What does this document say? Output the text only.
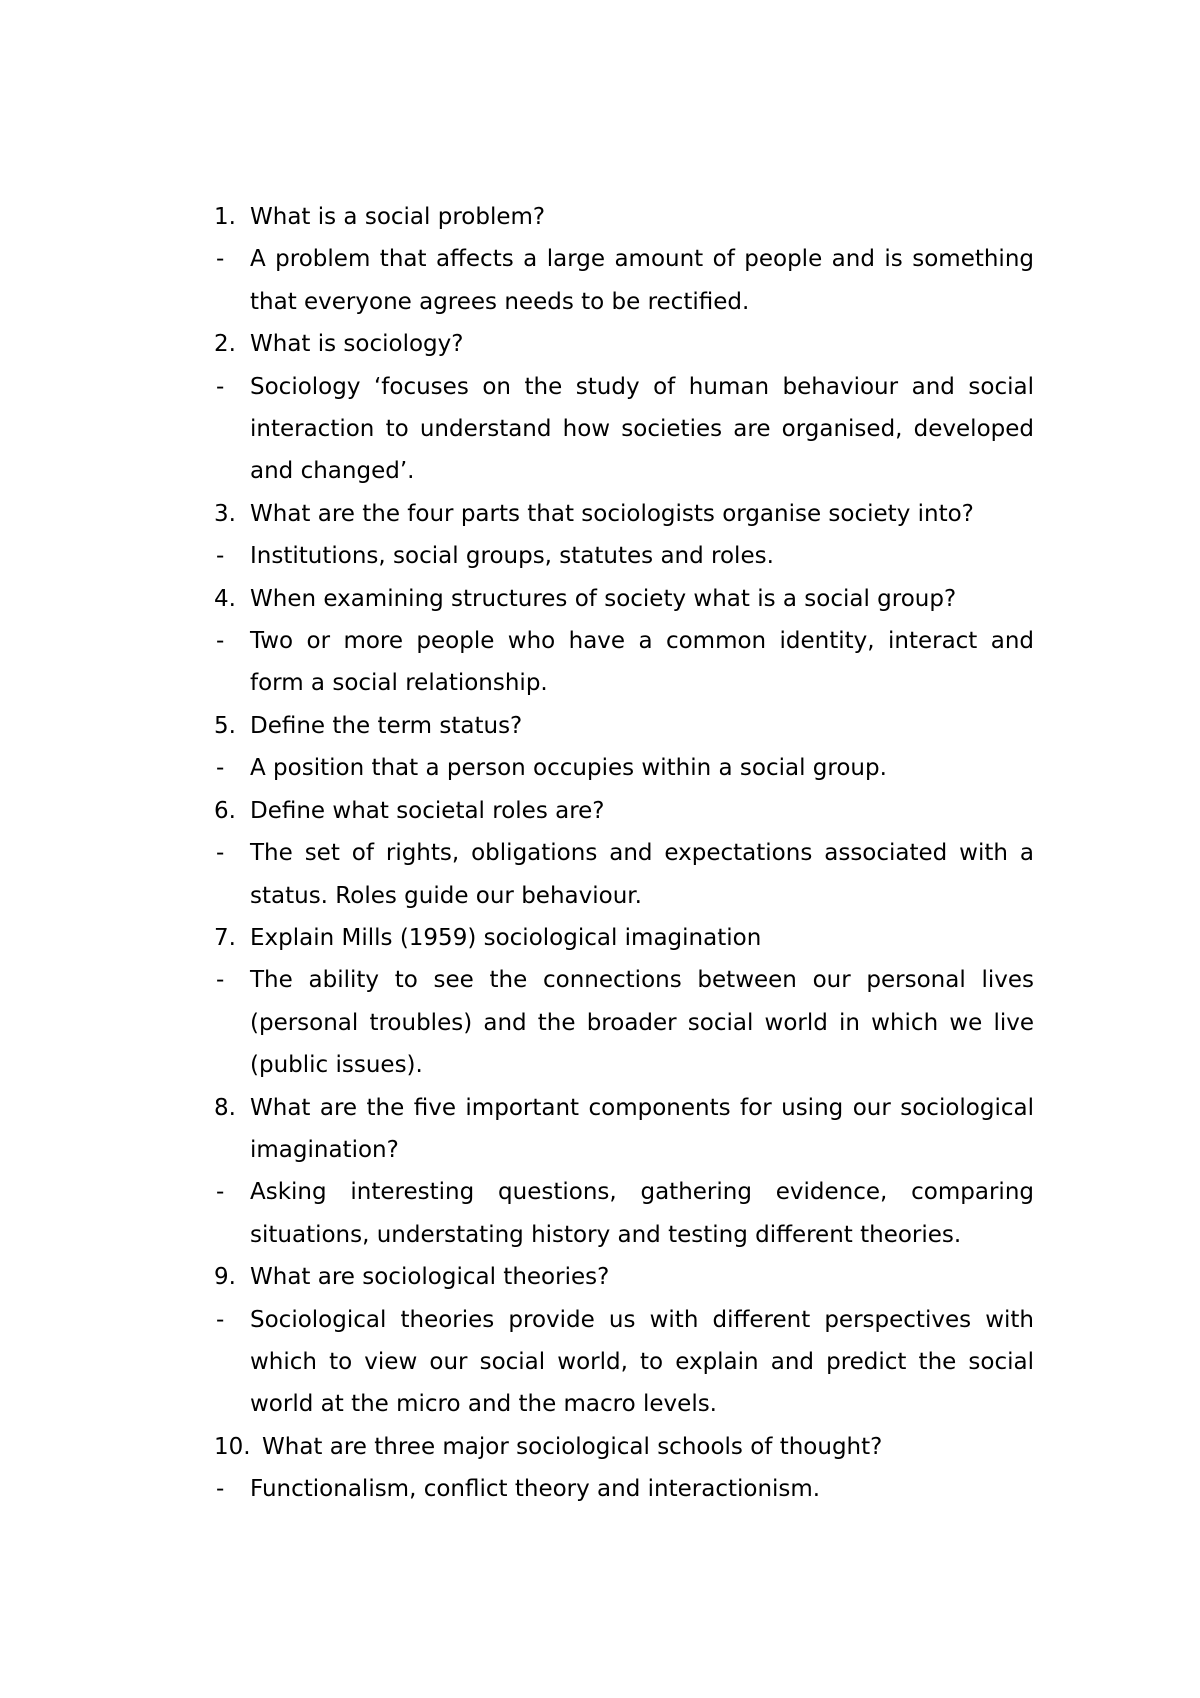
1. What is a social problem?
-	A problem that affects a large amount of people and is something that everyone agrees needs to be rectified.
2. What is sociology?
-	Sociology ‘focuses on the study of human behaviour and social interaction to understand how societies are organised, developed and changed’.
3. What are the four parts that sociologists organise society into?
-	Institutions, social groups, statutes and roles.
4. When examining structures of society what is a social group?
-	Two or more people who have a common identity, interact and form a social relationship.
5. Define the term status?
-	A position that a person occupies within a social group.
6. Define what societal roles are?
-	The set of rights, obligations and expectations associated with a status. Roles guide our behaviour.
7. Explain Mills (1959) sociological imagination
-	The ability to see the connections between our personal lives (personal troubles) and the broader social world in which we live (public issues).
8. What are the five important components for using our sociological imagination?
-	Asking interesting questions, gathering evidence, comparing situations, understating history and testing different theories.
9. What are sociological theories?
-	Sociological theories provide us with different perspectives with which to view our social world, to explain and predict the social world at the micro and the macro levels.
10. What are three major sociological schools of thought?
-	Functionalism, conflict theory and interactionism.
